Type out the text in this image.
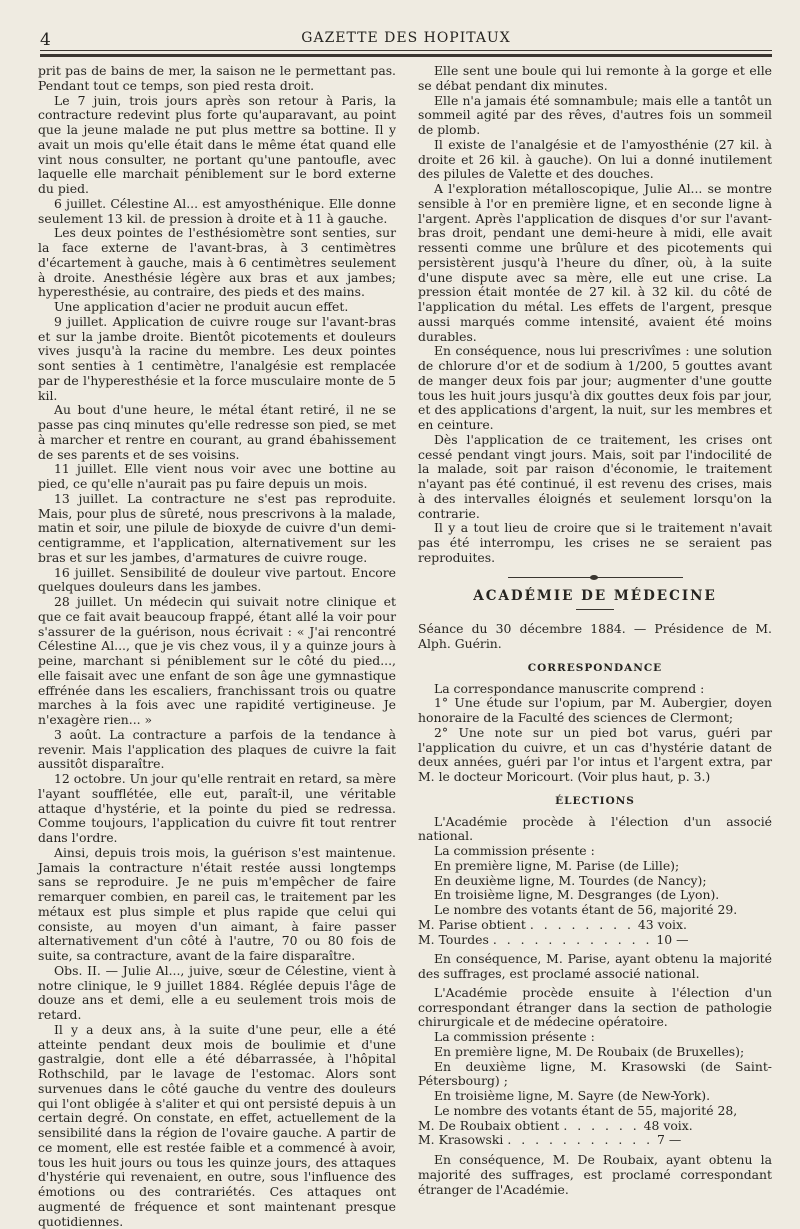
4	GAZETTE DES HOPITAUX

prit pas de bains de mer, la saison ne le permettant pas. Pendant tout ce temps, son pied resta droit.

Le 7 juin, trois jours après son retour à Paris, la contracture redevint plus forte qu'auparavant, au point que la jeune malade ne put plus mettre sa bottine. Il y avait un mois qu'elle était dans le même état quand elle vint nous consulter, ne portant qu'une pantoufle, avec laquelle elle marchait péniblement sur le bord externe du pied.

6 juillet. Célestine Al... est amyosthénique. Elle donne seulement 13 kil. de pression à droite et à 11 à gauche.

Les deux pointes de l'esthésiomètre sont senties, sur la face externe de l'avant-bras, à 3 centimètres d'écartement à gauche, mais à 6 centimètres seulement à droite. Anesthésie légère aux bras et aux jambes; hyperesthésie, au contraire, des pieds et des mains.

Une application d'acier ne produit aucun effet.

9 juillet. Application de cuivre rouge sur l'avant-bras et sur la jambe droite. Bientôt picotements et douleurs vives jusqu'à la racine du membre. Les deux pointes sont senties à 1 centimètre, l'analgésie est remplacée par de l'hyperesthésie et la force musculaire monte de 5 kil.

Au bout d'une heure, le métal étant retiré, il ne se passe pas cinq minutes qu'elle redresse son pied, se met à marcher et rentre en courant, au grand ébahissement de ses parents et de ses voisins.

11 juillet. Elle vient nous voir avec une bottine au pied, ce qu'elle n'aurait pas pu faire depuis un mois.

13 juillet. La contracture ne s'est pas reproduite. Mais, pour plus de sûreté, nous prescrivons à la malade, matin et soir, une pilule de bioxyde de cuivre d'un demi-centigramme, et l'application, alternativement sur les bras et sur les jambes, d'armatures de cuivre rouge.

16 juillet. Sensibilité de douleur vive partout. Encore quelques douleurs dans les jambes.

28 juillet. Un médecin qui suivait notre clinique et que ce fait avait beaucoup frappé, étant allé la voir pour s'assurer de la guérison, nous écrivait : « J'ai rencontré Célestine Al..., que je vis chez vous, il y a quinze jours à peine, marchant si péniblement sur le côté du pied..., elle faisait avec une enfant de son âge une gymnastique effrénée dans les escaliers, franchissant trois ou quatre marches à la fois avec une rapidité vertigineuse. Je n'exagère rien... »

3 août. La contracture a parfois de la tendance à revenir. Mais l'application des plaques de cuivre la fait aussitôt disparaître.

12 octobre. Un jour qu'elle rentrait en retard, sa mère l'ayant soufflétée, elle eut, paraît-il, une véritable attaque d'hystérie, et la pointe du pied se redressa. Comme toujours, l'application du cuivre fit tout rentrer dans l'ordre.

Ainsi, depuis trois mois, la guérison s'est maintenue. Jamais la contracture n'était restée aussi longtemps sans se reproduire. Je ne puis m'empêcher de faire remarquer combien, en pareil cas, le traitement par les métaux est plus simple et plus rapide que celui qui consiste, au moyen d'un aimant, à faire passer alternativement d'un côté à l'autre, 70 ou 80 fois de suite, sa contracture, avant de la faire disparaître.

Obs. II. — Julie Al..., juive, sœur de Célestine, vient à notre clinique, le 9 juillet 1884. Réglée depuis l'âge de douze ans et demi, elle a eu seulement trois mois de retard.

Il y a deux ans, à la suite d'une peur, elle a été atteinte pendant deux mois de boulimie et d'une gastralgie, dont elle a été débarrassée, à l'hôpital Rothschild, par le lavage de l'estomac. Alors sont survenues dans le côté gauche du ventre des douleurs qui l'ont obligée à s'aliter et qui ont persisté depuis à un certain degré. On constate, en effet, actuellement de la sensibilité dans la région de l'ovaire gauche. A partir de ce moment, elle est restée faible et a commencé à avoir, tous les huit jours ou tous les quinze jours, des attaques d'hystérie qui revenaient, en outre, sous l'influence des émotions ou des contrariétés. Ces attaques ont augmenté de fréquence et sont maintenant presque quotidiennes.

Elle sent une boule qui lui remonte à la gorge et elle se débat pendant dix minutes.

Elle n'a jamais été somnambule; mais elle a tantôt un sommeil agité par des rêves, d'autres fois un sommeil de plomb.

Il existe de l'analgésie et de l'amyosthénie (27 kil. à droite et 26 kil. à gauche). On lui a donné inutilement des pilules de Valette et des douches.

A l'exploration métalloscopique, Julie Al... se montre sensible à l'or en première ligne, et en seconde ligne à l'argent. Après l'application de disques d'or sur l'avant-bras droit, pendant une demi-heure à midi, elle avait ressenti comme une brûlure et des picotements qui persistèrent jusqu'à l'heure du dîner, où, à la suite d'une dispute avec sa mère, elle eut une crise. La pression était montée de 27 kil. à 32 kil. du côté de l'application du métal. Les effets de l'argent, presque aussi marqués comme intensité, avaient été moins durables.

En conséquence, nous lui prescrivîmes : une solution de chlorure d'or et de sodium à 1/200, 5 gouttes avant de manger deux fois par jour; augmenter d'une goutte tous les huit jours jusqu'à dix gouttes deux fois par jour, et des applications d'argent, la nuit, sur les membres et en ceinture.

Dès l'application de ce traitement, les crises ont cessé pendant vingt jours. Mais, soit par l'indocilité de la malade, soit par raison d'économie, le traitement n'ayant pas été continué, il est revenu des crises, mais à des intervalles éloignés et seulement lorsqu'on la contrarie.

Il y a tout lieu de croire que si le traitement n'avait pas été interrompu, les crises ne se seraient pas reproduites.

ACADÉMIE DE MÉDECINE

Séance du 30 décembre 1884. — Présidence de M. Alph. Guérin.

CORRESPONDANCE

La correspondance manuscrite comprend :

1° Une étude sur l'opium, par M. Aubergier, doyen honoraire de la Faculté des sciences de Clermont;

2° Une note sur un pied bot varus, guéri par l'application du cuivre, et un cas d'hystérie datant de deux années, guéri par l'or intus et l'argent extra, par M. le docteur Moricourt. (Voir plus haut, p. 3.)

ÉLECTIONS

L'Académie procède à l'élection d'un associé national.

La commission présente :

En première ligne, M. Parise (de Lille);

En deuxième ligne, M. Tourdes (de Nancy);

En troisième ligne, M. Desgranges (de Lyon).

Le nombre des votants étant de 56, majorité 29.

M. Parise obtient . . . . . . . . 43 voix.

M. Tourdes . . . . . . . . . . . . 10 —

En conséquence, M. Parise, ayant obtenu la majorité des suffrages, est proclamé associé national.

L'Académie procède ensuite à l'élection d'un correspondant étranger dans la section de pathologie chirurgicale et de médecine opératoire.

La commission présente :

En première ligne, M. De Roubaix (de Bruxelles);

En deuxième ligne, M. Krasowski (de Saint-Pétersbourg) ;

En troisième ligne, M. Sayre (de New-York).

Le nombre des votants étant de 55, majorité 28,

M. De Roubaix obtient . . . . . . 48 voix.

M. Krasowski . . . . . . . . . . . 7 —

En conséquence, M. De Roubaix, ayant obtenu la majorité des suffrages, est proclamé correspondant étranger de l'Académie.
